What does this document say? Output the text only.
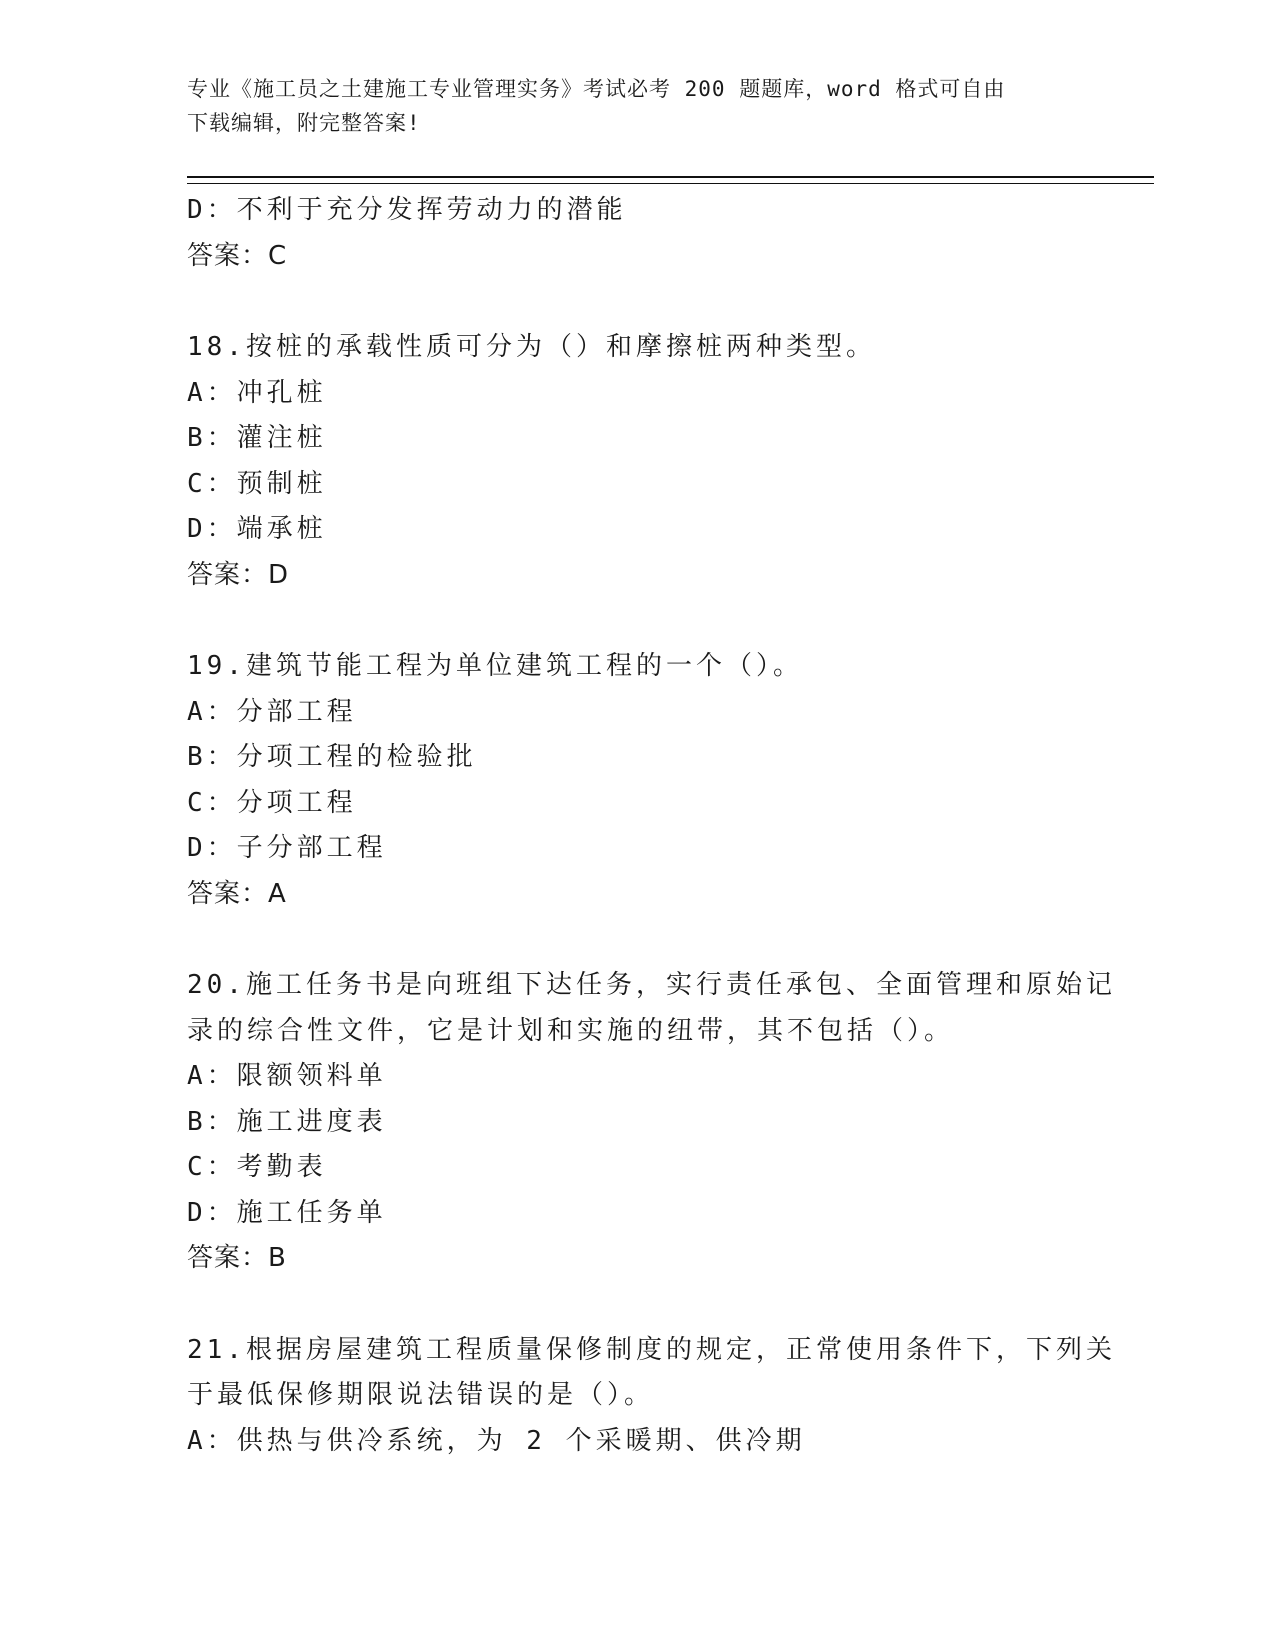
专业《施工员之土建施工专业管理实务》考试必考 200 题题库，word 格式可自由
下载编辑，附完整答案!
D：不利于充分发挥劳动力的潜能
答案：C
18.按桩的承载性质可分为（）和摩擦桩两种类型。
A：冲孔桩
B：灌注桩
C：预制桩
D：端承桩
答案：D
19.建筑节能工程为单位建筑工程的一个（）。
A：分部工程
B：分项工程的检验批
C：分项工程
D：子分部工程
答案：A
20.施工任务书是向班组下达任务，实行责任承包、全面管理和原始记
录的综合性文件，它是计划和实施的纽带，其不包括（）。
A：限额领料单
B：施工进度表
C：考勤表
D：施工任务单
答案：B
21.根据房屋建筑工程质量保修制度的规定，正常使用条件下，下列关
于最低保修期限说法错误的是（）。
A：供热与供冷系统，为 2 个采暖期、供冷期
